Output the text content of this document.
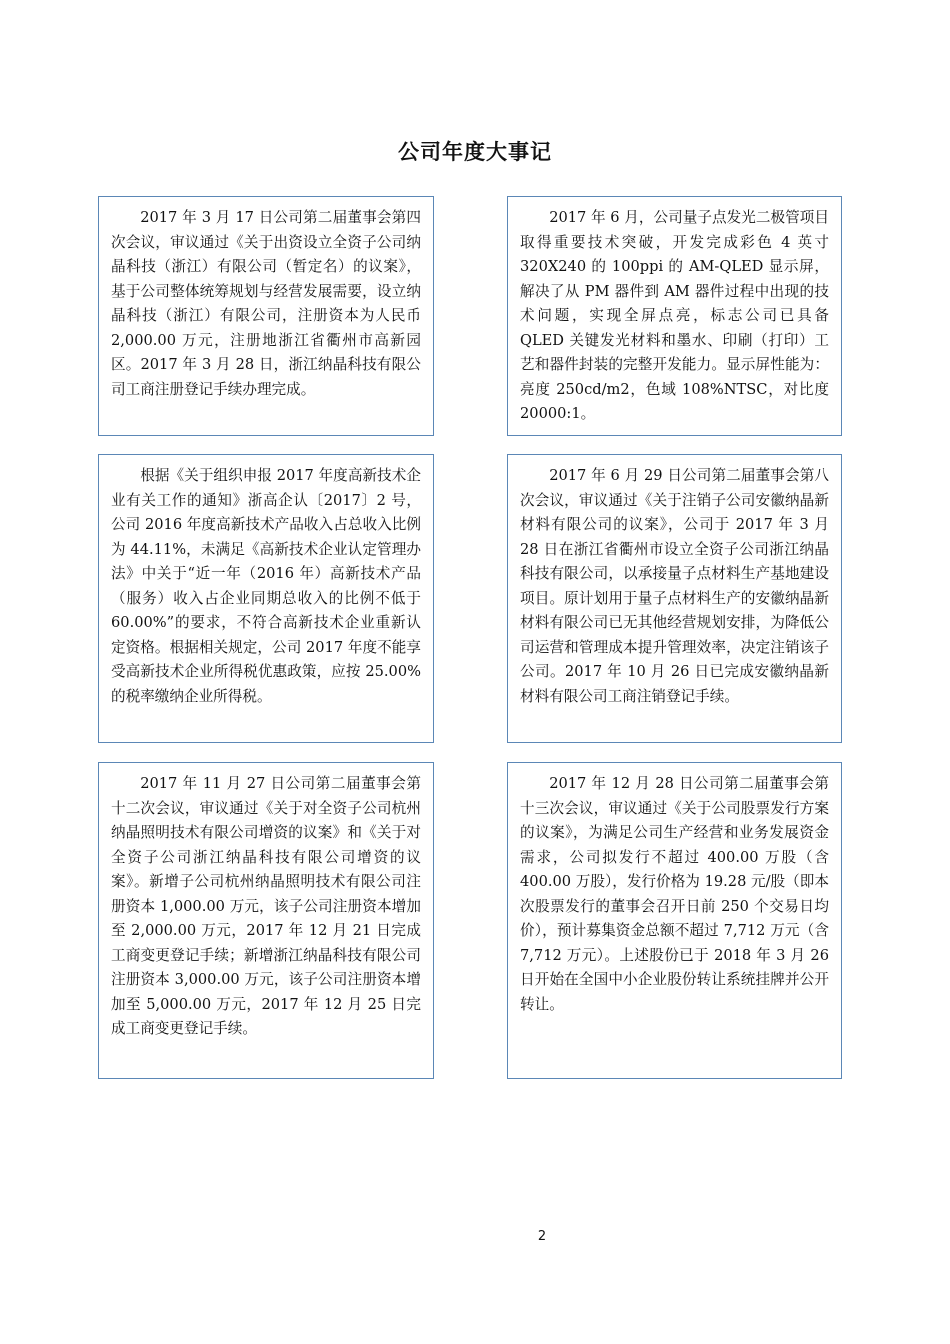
公司年度大事记

2017 年 3 月 17 日公司第二届董事会第四次会议，审议通过《关于出资设立全资子公司纳晶科技（浙江）有限公司（暂定名）的议案》，基于公司整体统筹规划与经营发展需要，设立纳晶科技（浙江）有限公司，注册资本为人民币 2,000.00 万元，注册地浙江省衢州市高新园区。2017 年 3 月 28 日，浙江纳晶科技有限公司工商注册登记手续办理完成。

2017 年 6 月，公司量子点发光二极管项目取得重要技术突破，开发完成彩色 4 英寸 320X240 的 100ppi 的 AM-QLED 显示屏，解决了从 PM 器件到 AM 器件过程中出现的技术问题，实现全屏点亮，标志公司已具备 QLED 关键发光材料和墨水、印刷（打印）工艺和器件封装的完整开发能力。显示屏性能为：亮度 250cd/m2，色域 108%NTSC，对比度 20000:1。

根据《关于组织申报 2017 年度高新技术企业有关工作的通知》浙高企认〔2017〕2 号，公司 2016 年度高新技术产品收入占总收入比例为 44.11%，未满足《高新技术企业认定管理办法》中关于“近一年（2016 年）高新技术产品（服务）收入占企业同期总收入的比例不低于 60.00%”的要求，不符合高新技术企业重新认定资格。根据相关规定，公司 2017 年度不能享受高新技术企业所得税优惠政策，应按 25.00%的税率缴纳企业所得税。

2017 年 6 月 29 日公司第二届董事会第八次会议，审议通过《关于注销子公司安徽纳晶新材料有限公司的议案》，公司于 2017 年 3 月 28 日在浙江省衢州市设立全资子公司浙江纳晶科技有限公司，以承接量子点材料生产基地建设项目。原计划用于量子点材料生产的安徽纳晶新材料有限公司已无其他经营规划安排，为降低公司运营和管理成本提升管理效率，决定注销该子公司。2017 年 10 月 26 日已完成安徽纳晶新材料有限公司工商注销登记手续。

2017 年 11 月 27 日公司第二届董事会第十二次会议，审议通过《关于对全资子公司杭州纳晶照明技术有限公司增资的议案》和《关于对全资子公司浙江纳晶科技有限公司增资的议案》。新增子公司杭州纳晶照明技术有限公司注册资本 1,000.00 万元，该子公司注册资本增加至 2,000.00 万元，2017 年 12 月 21 日完成工商变更登记手续；新增浙江纳晶科技有限公司注册资本 3,000.00 万元，该子公司注册资本增加至 5,000.00 万元，2017 年 12 月 25 日完成工商变更登记手续。

2017 年 12 月 28 日公司第二届董事会第十三次会议，审议通过《关于公司股票发行方案的议案》，为满足公司生产经营和业务发展资金需求，公司拟发行不超过 400.00 万股（含 400.00 万股），发行价格为 19.28 元/股（即本次股票发行的董事会召开日前 250 个交易日均价），预计募集资金总额不超过 7,712 万元（含 7,712 万元）。上述股份已于 2018 年 3 月 26 日开始在全国中小企业股份转让系统挂牌并公开转让。

2
